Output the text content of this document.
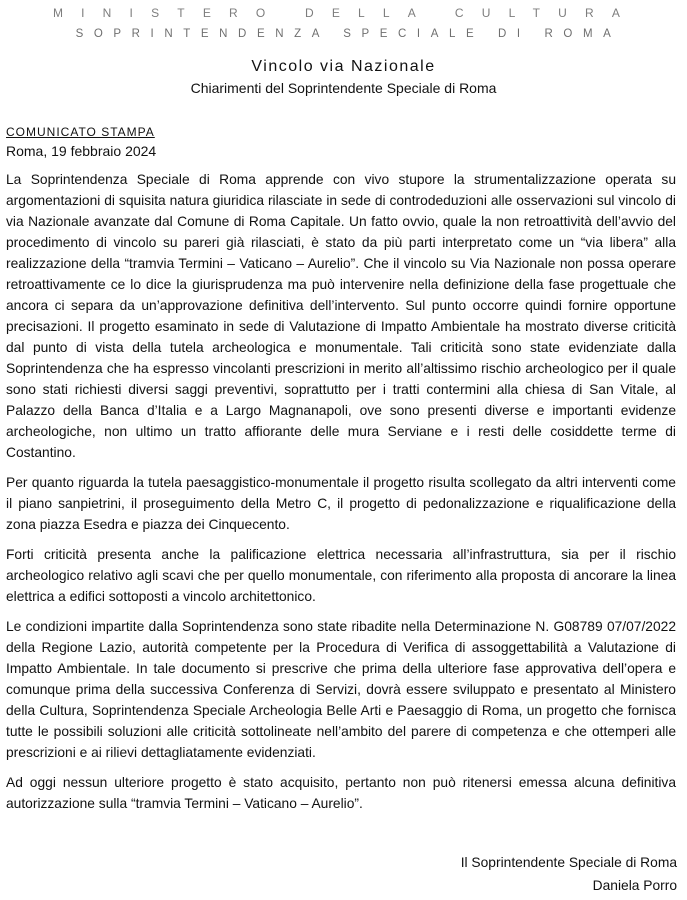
MINISTERO DELLA CULTURA
SOPRINTENDENZA SPECIALE DI ROMA
Vincolo via Nazionale
Chiarimenti del Soprintendente Speciale di Roma
COMUNICATO STAMPA
Roma, 19 febbraio 2024

La Soprintendenza Speciale di Roma apprende con vivo stupore la strumentalizzazione operata su argomentazioni di squisita natura giuridica rilasciate in sede di controdeduzioni alle osservazioni sul vincolo di via Nazionale avanzate dal Comune di Roma Capitale. Un fatto ovvio, quale la non retroattività dell’avvio del procedimento di vincolo su pareri già rilasciati, è stato da più parti interpretato come un “via libera” alla realizzazione della “tramvia Termini – Vaticano – Aurelio”. Che il vincolo su Via Nazionale non possa operare retroattivamente ce lo dice la giurisprudenza ma può intervenire nella definizione della fase progettuale che ancora ci separa da un’approvazione definitiva dell’intervento. Sul punto occorre quindi fornire opportune precisazioni. Il progetto esaminato in sede di Valutazione di Impatto Ambientale ha mostrato diverse criticità dal punto di vista della tutela archeologica e monumentale. Tali criticità sono state evidenziate dalla Soprintendenza che ha espresso vincolanti prescrizioni in merito all’altissimo rischio archeologico per il quale sono stati richiesti diversi saggi preventivi, soprattutto per i tratti contermini alla chiesa di San Vitale, al Palazzo della Banca d’Italia e a Largo Magnanapoli, ove sono presenti diverse e importanti evidenze archeologiche, non ultimo un tratto affiorante delle mura Serviane e i resti delle cosiddette terme di Costantino.

Per quanto riguarda la tutela paesaggistico-monumentale il progetto risulta scollegato da altri interventi come il piano sanpietrini, il proseguimento della Metro C, il progetto di pedonalizzazione e riqualificazione della zona piazza Esedra e piazza dei Cinquecento.

Forti criticità presenta anche la palificazione elettrica necessaria all’infrastruttura, sia per il rischio archeologico relativo agli scavi che per quello monumentale, con riferimento alla proposta di ancorare la linea elettrica a edifici sottoposti a vincolo architettonico.

Le condizioni impartite dalla Soprintendenza sono state ribadite nella Determinazione N. G08789 07/07/2022 della Regione Lazio, autorità competente per la Procedura di Verifica di assoggettabilità a Valutazione di Impatto Ambientale. In tale documento si prescrive che prima della ulteriore fase approvativa dell’opera e comunque prima della successiva Conferenza di Servizi, dovrà essere sviluppato e presentato al Ministero della Cultura, Soprintendenza Speciale Archeologia Belle Arti e Paesaggio di Roma, un progetto che fornisca tutte le possibili soluzioni alle criticità sottolineate nell’ambito del parere di competenza e che ottemperi alle prescrizioni e ai rilievi dettagliatamente evidenziati.

Ad oggi nessun ulteriore progetto è stato acquisito, pertanto non può ritenersi emessa alcuna definitiva autorizzazione sulla “tramvia Termini – Vaticano – Aurelio”.

Il Soprintendente Speciale di Roma
Daniela Porro
